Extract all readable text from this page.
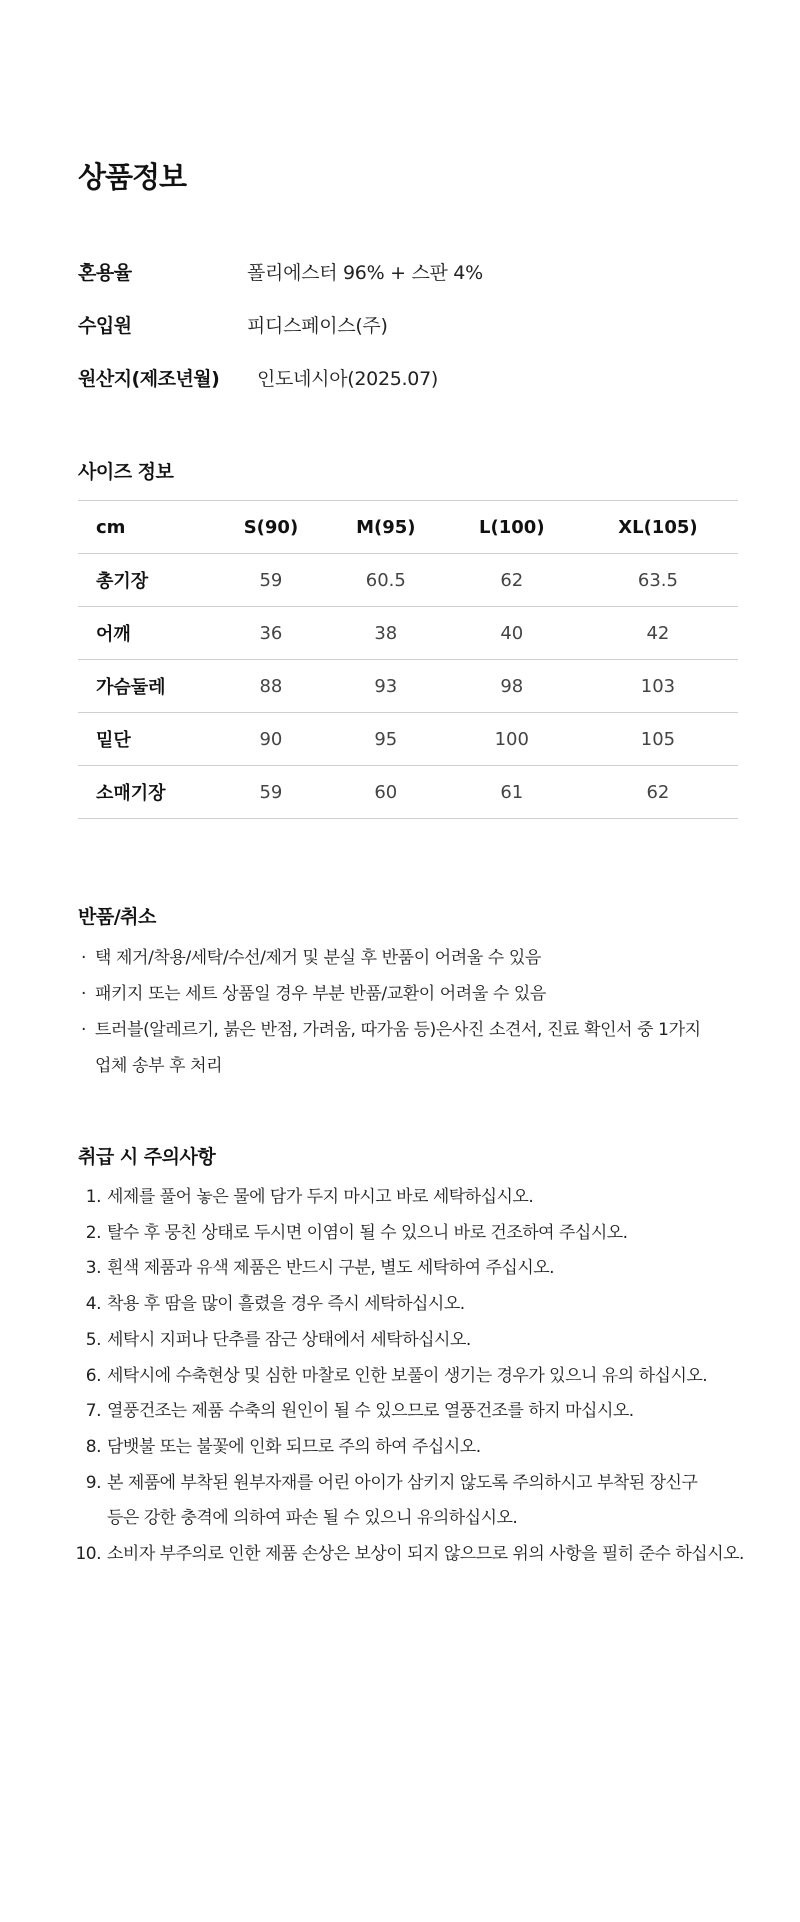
상품정보
혼용율	폴리에스터 96% + 스판 4%
수입원	피디스페이스(주)
원산지(제조년월) 인도네시아(2025.07)
사이즈 정보
cm	S(90)	M(95)	L(100)	XL(105)
총기장	59	60.5	62	63.5
어깨	36	38	40	42
가슴둘레	88	93	98	103
밑단	90	95	100	105
소매기장	59	60	61	62
반품/취소
· 택 제거/착용/세탁/수선/제거 및 분실 후 반품이 어려울 수 있음
· 패키지 또는 세트 상품일 경우 부분 반품/교환이 어려울 수 있음
· 트러블(알레르기, 붉은 반점, 가려움, 따가움 등)은사진 소견서, 진료 확인서 중 1가지
업체 송부 후 처리
취급 시 주의사항
1. 세제를 풀어 놓은 물에 담가 두지 마시고 바로 세탁하십시오.
2. 탈수 후 뭉친 상태로 두시면 이염이 될 수 있으니 바로 건조하여 주십시오.
3. 흰색 제품과 유색 제품은 반드시 구분, 별도 세탁하여 주십시오.
4. 착용 후 땀을 많이 흘렸을 경우 즉시 세탁하십시오.
5. 세탁시 지퍼나 단추를 잠근 상태에서 세탁하십시오.
6. 세탁시에 수축현상 및 심한 마찰로 인한 보풀이 생기는 경우가 있으니 유의 하십시오.
7. 열풍건조는 제품 수축의 원인이 될 수 있으므로 열풍건조를 하지 마십시오.
8. 담뱃불 또는 불꽃에 인화 되므로 주의 하여 주십시오.
9. 본 제품에 부착된 원부자재를 어린 아이가 삼키지 않도록 주의하시고 부착된 장신구
등은 강한 충격에 의하여 파손 될 수 있으니 유의하십시오.
10. 소비자 부주의로 인한 제품 손상은 보상이 되지 않으므로 위의 사항을 필히 준수 하십시오.
